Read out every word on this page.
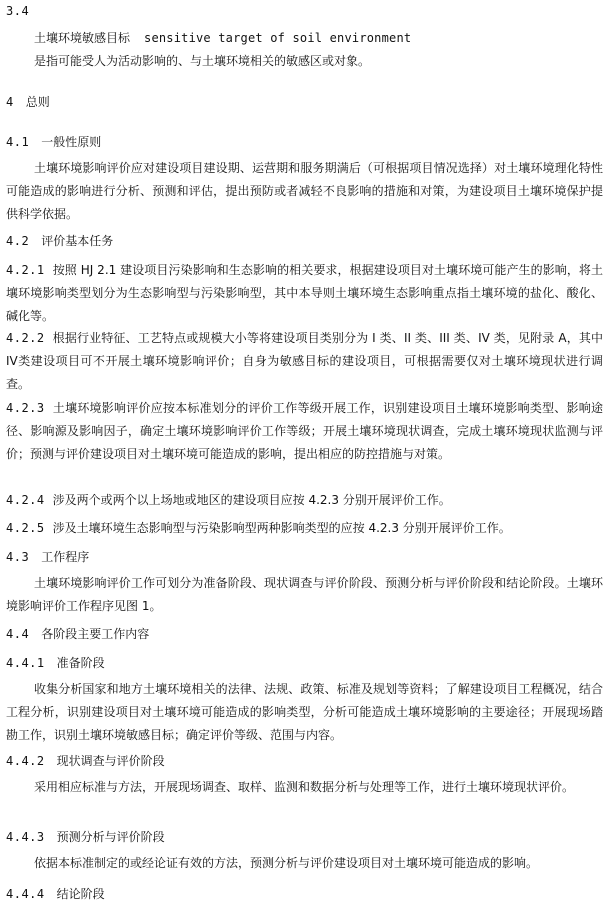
3.4
土壤环境敏感目标 sensitive target of soil environment
是指可能受人为活动影响的、与土壤环境相关的敏感区或对象。
4 总则
4.1 一般性原则
土壤环境影响评价应对建设项目建设期、运营期和服务期满后（可根据项目情况选择）对土壤环境理化特性可能造成的影响进行分析、预测和评估，提出预防或者减轻不良影响的措施和对策，为建设项目土壤环境保护提供科学依据。
4.2 评价基本任务
4.2.1 按照 HJ 2.1 建设项目污染影响和生态影响的相关要求，根据建设项目对土壤环境可能产生的影响，将土壤环境影响类型划分为生态影响型与污染影响型，其中本导则土壤环境生态影响重点指土壤环境的盐化、酸化、碱化等。
4.2.2 根据行业特征、工艺特点或规模大小等将建设项目类别分为 I 类、II 类、III 类、IV 类，见附录 A，其中IV类建设项目可不开展土壤环境影响评价；自身为敏感目标的建设项目，可根据需要仅对土壤环境现状进行调查。
4.2.3 土壤环境影响评价应按本标准划分的评价工作等级开展工作，识别建设项目土壤环境影响类型、影响途径、影响源及影响因子，确定土壤环境影响评价工作等级；开展土壤环境现状调查，完成土壤环境现状监测与评价；预测与评价建设项目对土壤环境可能造成的影响，提出相应的防控措施与对策。
4.2.4 涉及两个或两个以上场地或地区的建设项目应按 4.2.3 分别开展评价工作。
4.2.5 涉及土壤环境生态影响型与污染影响型两种影响类型的应按 4.2.3 分别开展评价工作。
4.3 工作程序
土壤环境影响评价工作可划分为准备阶段、现状调查与评价阶段、预测分析与评价阶段和结论阶段。土壤环境影响评价工作程序见图 1。
4.4 各阶段主要工作内容
4.4.1 准备阶段
收集分析国家和地方土壤环境相关的法律、法规、政策、标准及规划等资料；了解建设项目工程概况，结合工程分析，识别建设项目对土壤环境可能造成的影响类型，分析可能造成土壤环境影响的主要途径；开展现场踏勘工作，识别土壤环境敏感目标；确定评价等级、范围与内容。
4.4.2 现状调查与评价阶段
采用相应标准与方法，开展现场调查、取样、监测和数据分析与处理等工作，进行土壤环境现状评价。
4.4.3 预测分析与评价阶段
依据本标准制定的或经论证有效的方法，预测分析与评价建设项目对土壤环境可能造成的影响。
4.4.4 结论阶段
